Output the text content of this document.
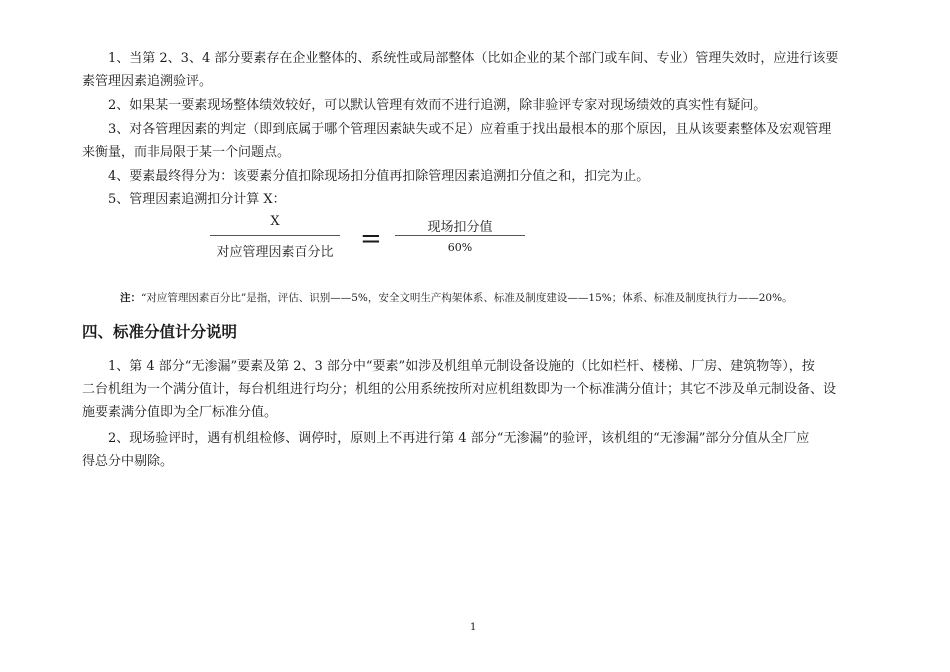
1、当第 2、3、4 部分要素存在企业整体的、系统性或局部整体（比如企业的某个部门或车间、专业）管理失效时，应进行该要
素管理因素追溯验评。
2、如果某一要素现场整体绩效较好，可以默认管理有效而不进行追溯，除非验评专家对现场绩效的真实性有疑问。
3、对各管理因素的判定（即到底属于哪个管理因素缺失或不足）应着重于找出最根本的那个原因，且从该要素整体及宏观管理
来衡量，而非局限于某一个问题点。
4、要素最终得分为：该要素分值扣除现场扣分值再扣除管理因素追溯扣分值之和，扣完为止。
5、管理因素追溯扣分计算 X：
X
对应管理因素百分比 =	现场扣分值
60%
注：“对应管理因素百分比”是指，评估、识别——5%，安全文明生产构架体系、标准及制度建设——15%；体系、标准及制度执行力——20%。
四、标准分值计分说明
1、第 4 部分“无渗漏”要素及第 2、3 部分中“要素”如涉及机组单元制设备设施的（比如栏杆、楼梯、厂房、建筑物等），按
二台机组为一个满分值计，每台机组进行均分；机组的公用系统按所对应机组数即为一个标准满分值计；其它不涉及单元制设备、设
施要素满分值即为全厂标准分值。
2、现场验评时，遇有机组检修、调停时，原则上不再进行第 4 部分“无渗漏”的验评，该机组的“无渗漏”部分分值从全厂应
得总分中剔除。
1
